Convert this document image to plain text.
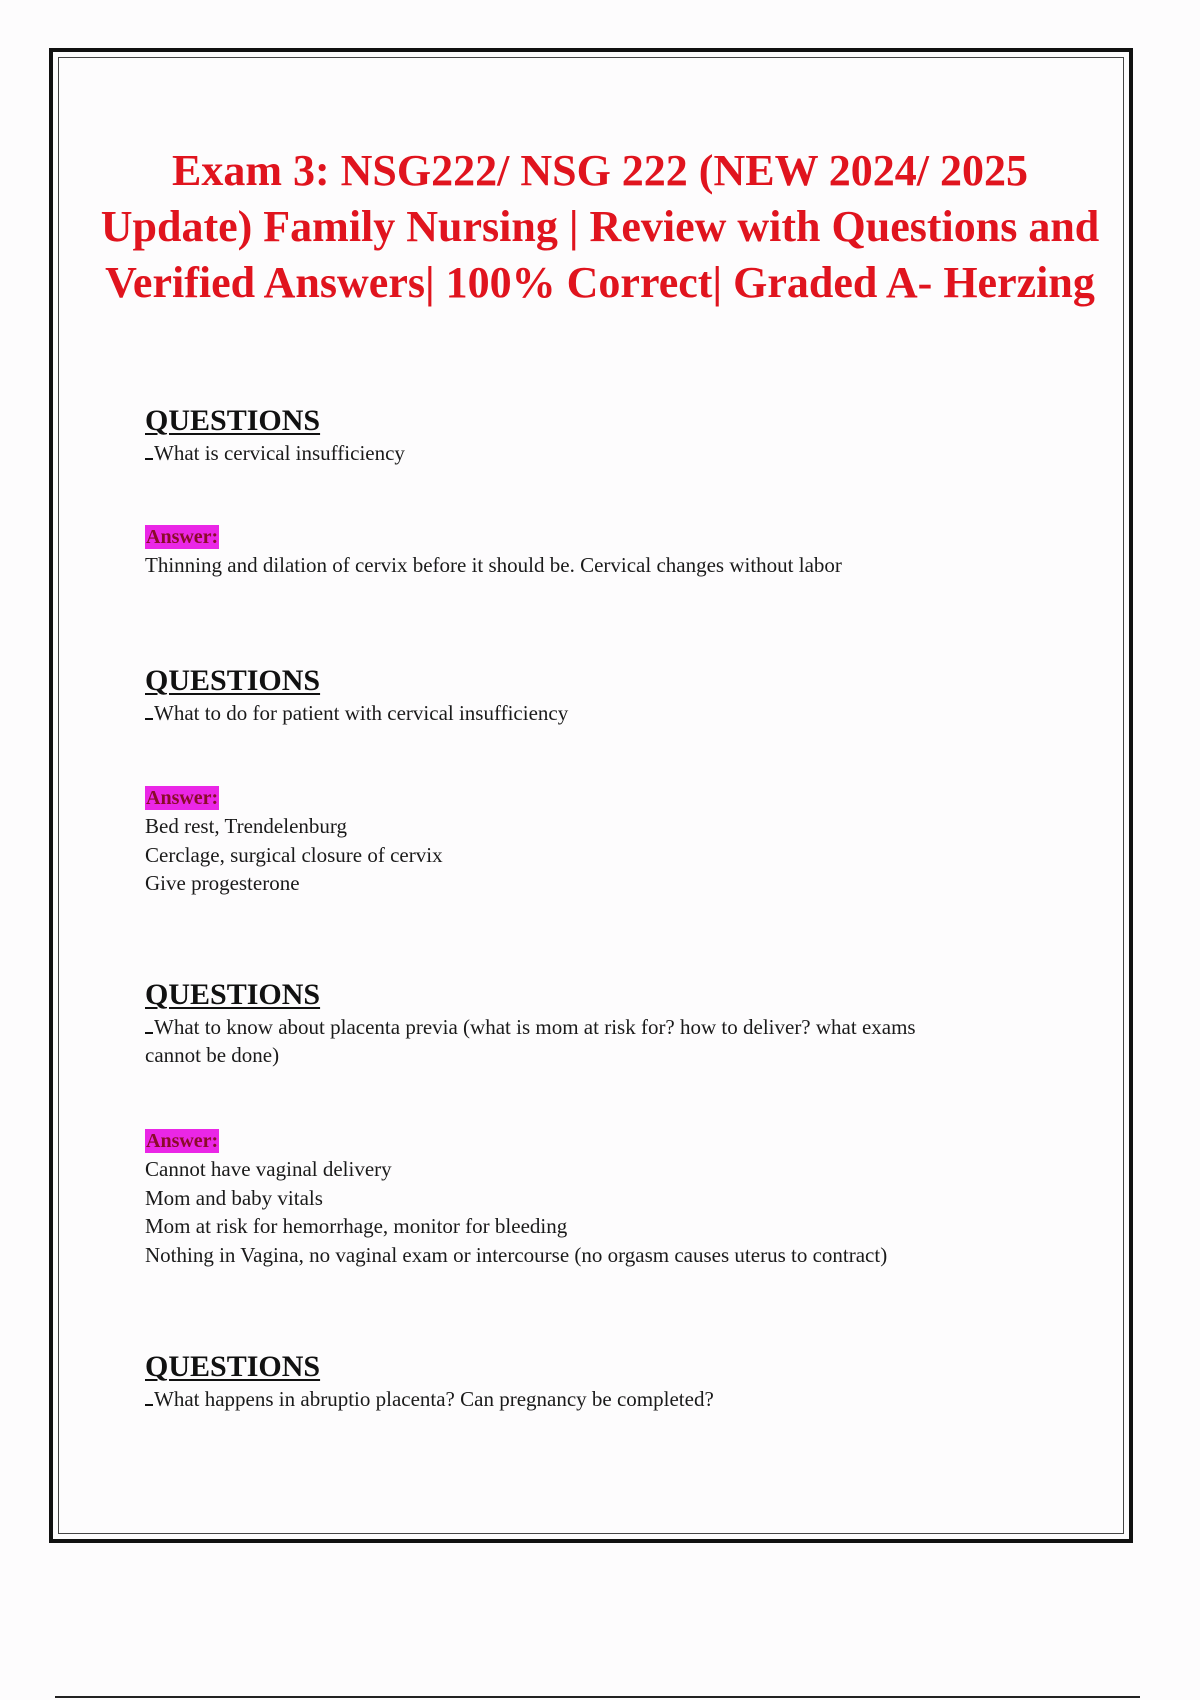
Exam 3: NSG222/ NSG 222 (NEW 2024/ 2025 Update) Family Nursing | Review with Questions and Verified Answers| 100% Correct| Graded A- Herzing

QUESTIONS

What is cervical insufficiency

Answer:
Thinning and dilation of cervix before it should be. Cervical changes without labor

QUESTIONS

What to do for patient with cervical insufficiency

Answer:
Bed rest, Trendelenburg
Cerclage, surgical closure of cervix
Give progesterone

QUESTIONS

What to know about placenta previa (what is mom at risk for? how to deliver? what exams
cannot be done)

Answer:
Cannot have vaginal delivery
Mom and baby vitals
Mom at risk for hemorrhage, monitor for bleeding
Nothing in Vagina, no vaginal exam or intercourse (no orgasm causes uterus to contract)

QUESTIONS

What happens in abruptio placenta? Can pregnancy be completed?
